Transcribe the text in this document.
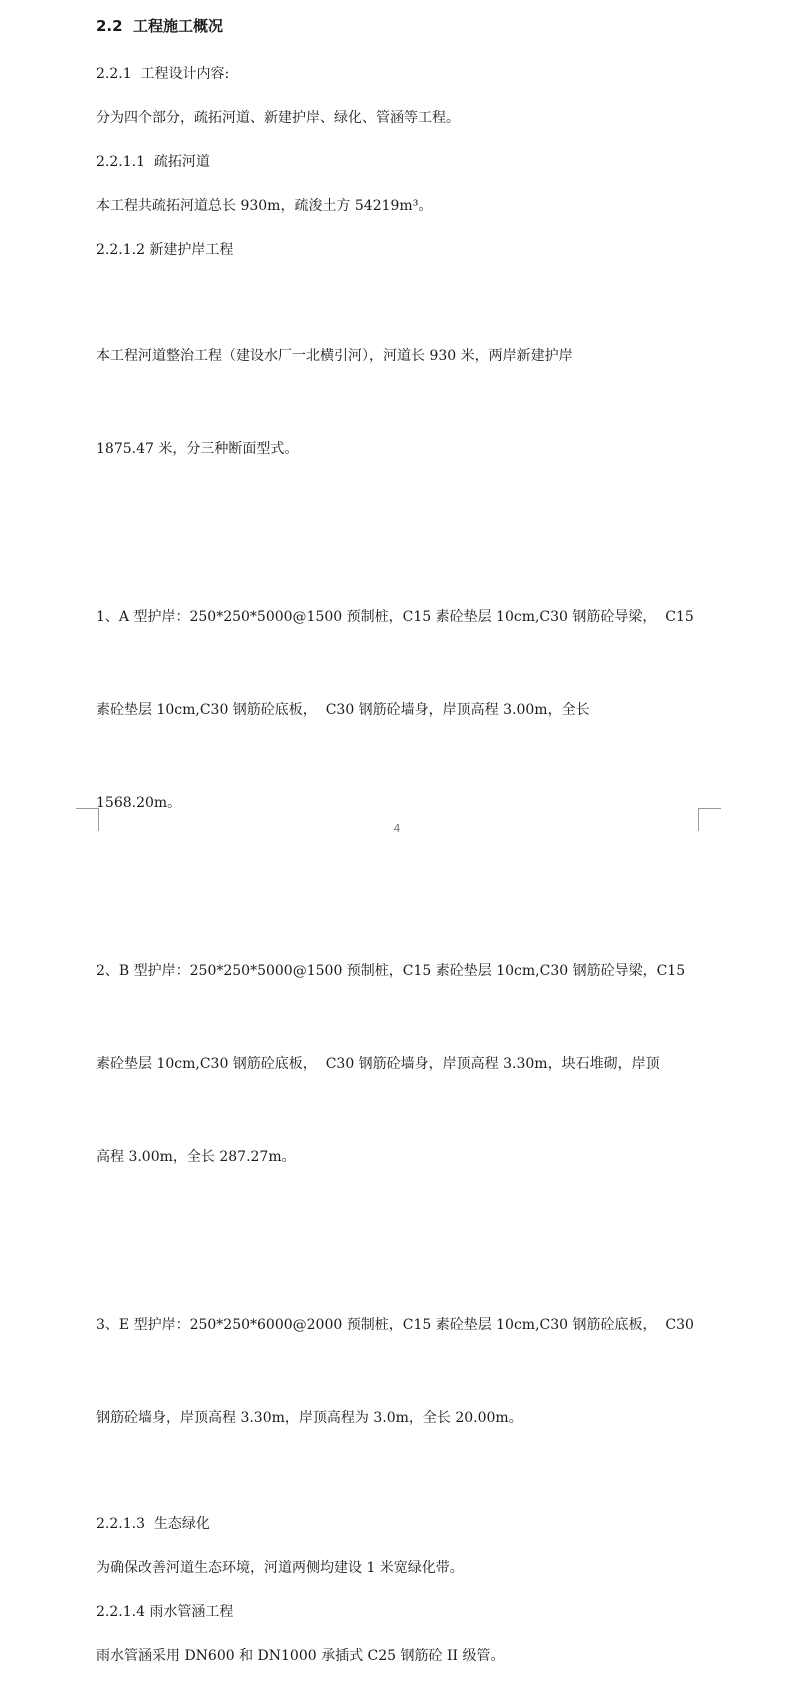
2.2  工程施工概况
2.2.1  工程设计内容:
分为四个部分，疏拓河道、新建护岸、绿化、管涵等工程。
2.2.1.1  疏拓河道
本工程共疏拓河道总长 930m，疏浚土方 54219m³。
2.2.1.2 新建护岸工程

本工程河道整治工程（建设水厂一北横引河），河道长 930 米，两岸新建护岸

1875.47 米，分三种断面型式。

1、A 型护岸：250*250*5000@1500 预制桩，C15 素砼垫层 10cm,C30 钢筋砼导梁，  C15

素砼垫层 10cm,C30 钢筋砼底板，  C30 钢筋砼墙身，岸顶高程 3.00m，全长

1568.20m。

2、B 型护岸：250*250*5000@1500 预制桩，C15 素砼垫层 10cm,C30 钢筋砼导梁，C15

素砼垫层 10cm,C30 钢筋砼底板，  C30 钢筋砼墙身，岸顶高程 3.30m，块石堆砌，岸顶

高程 3.00m，全长 287.27m。

3、E 型护岸：250*250*6000@2000 预制桩，C15 素砼垫层 10cm,C30 钢筋砼底板，  C30

钢筋砼墙身，岸顶高程 3.30m，岸顶高程为 3.0m，全长 20.00m。

2.2.1.3  生态绿化
为确保改善河道生态环境，河道两侧均建设 1 米宽绿化带。
2.2.1.4 雨水管涵工程
雨水管涵采用 DN600 和 DN1000 承插式 C25 钢筋砼 II 级管。
4
